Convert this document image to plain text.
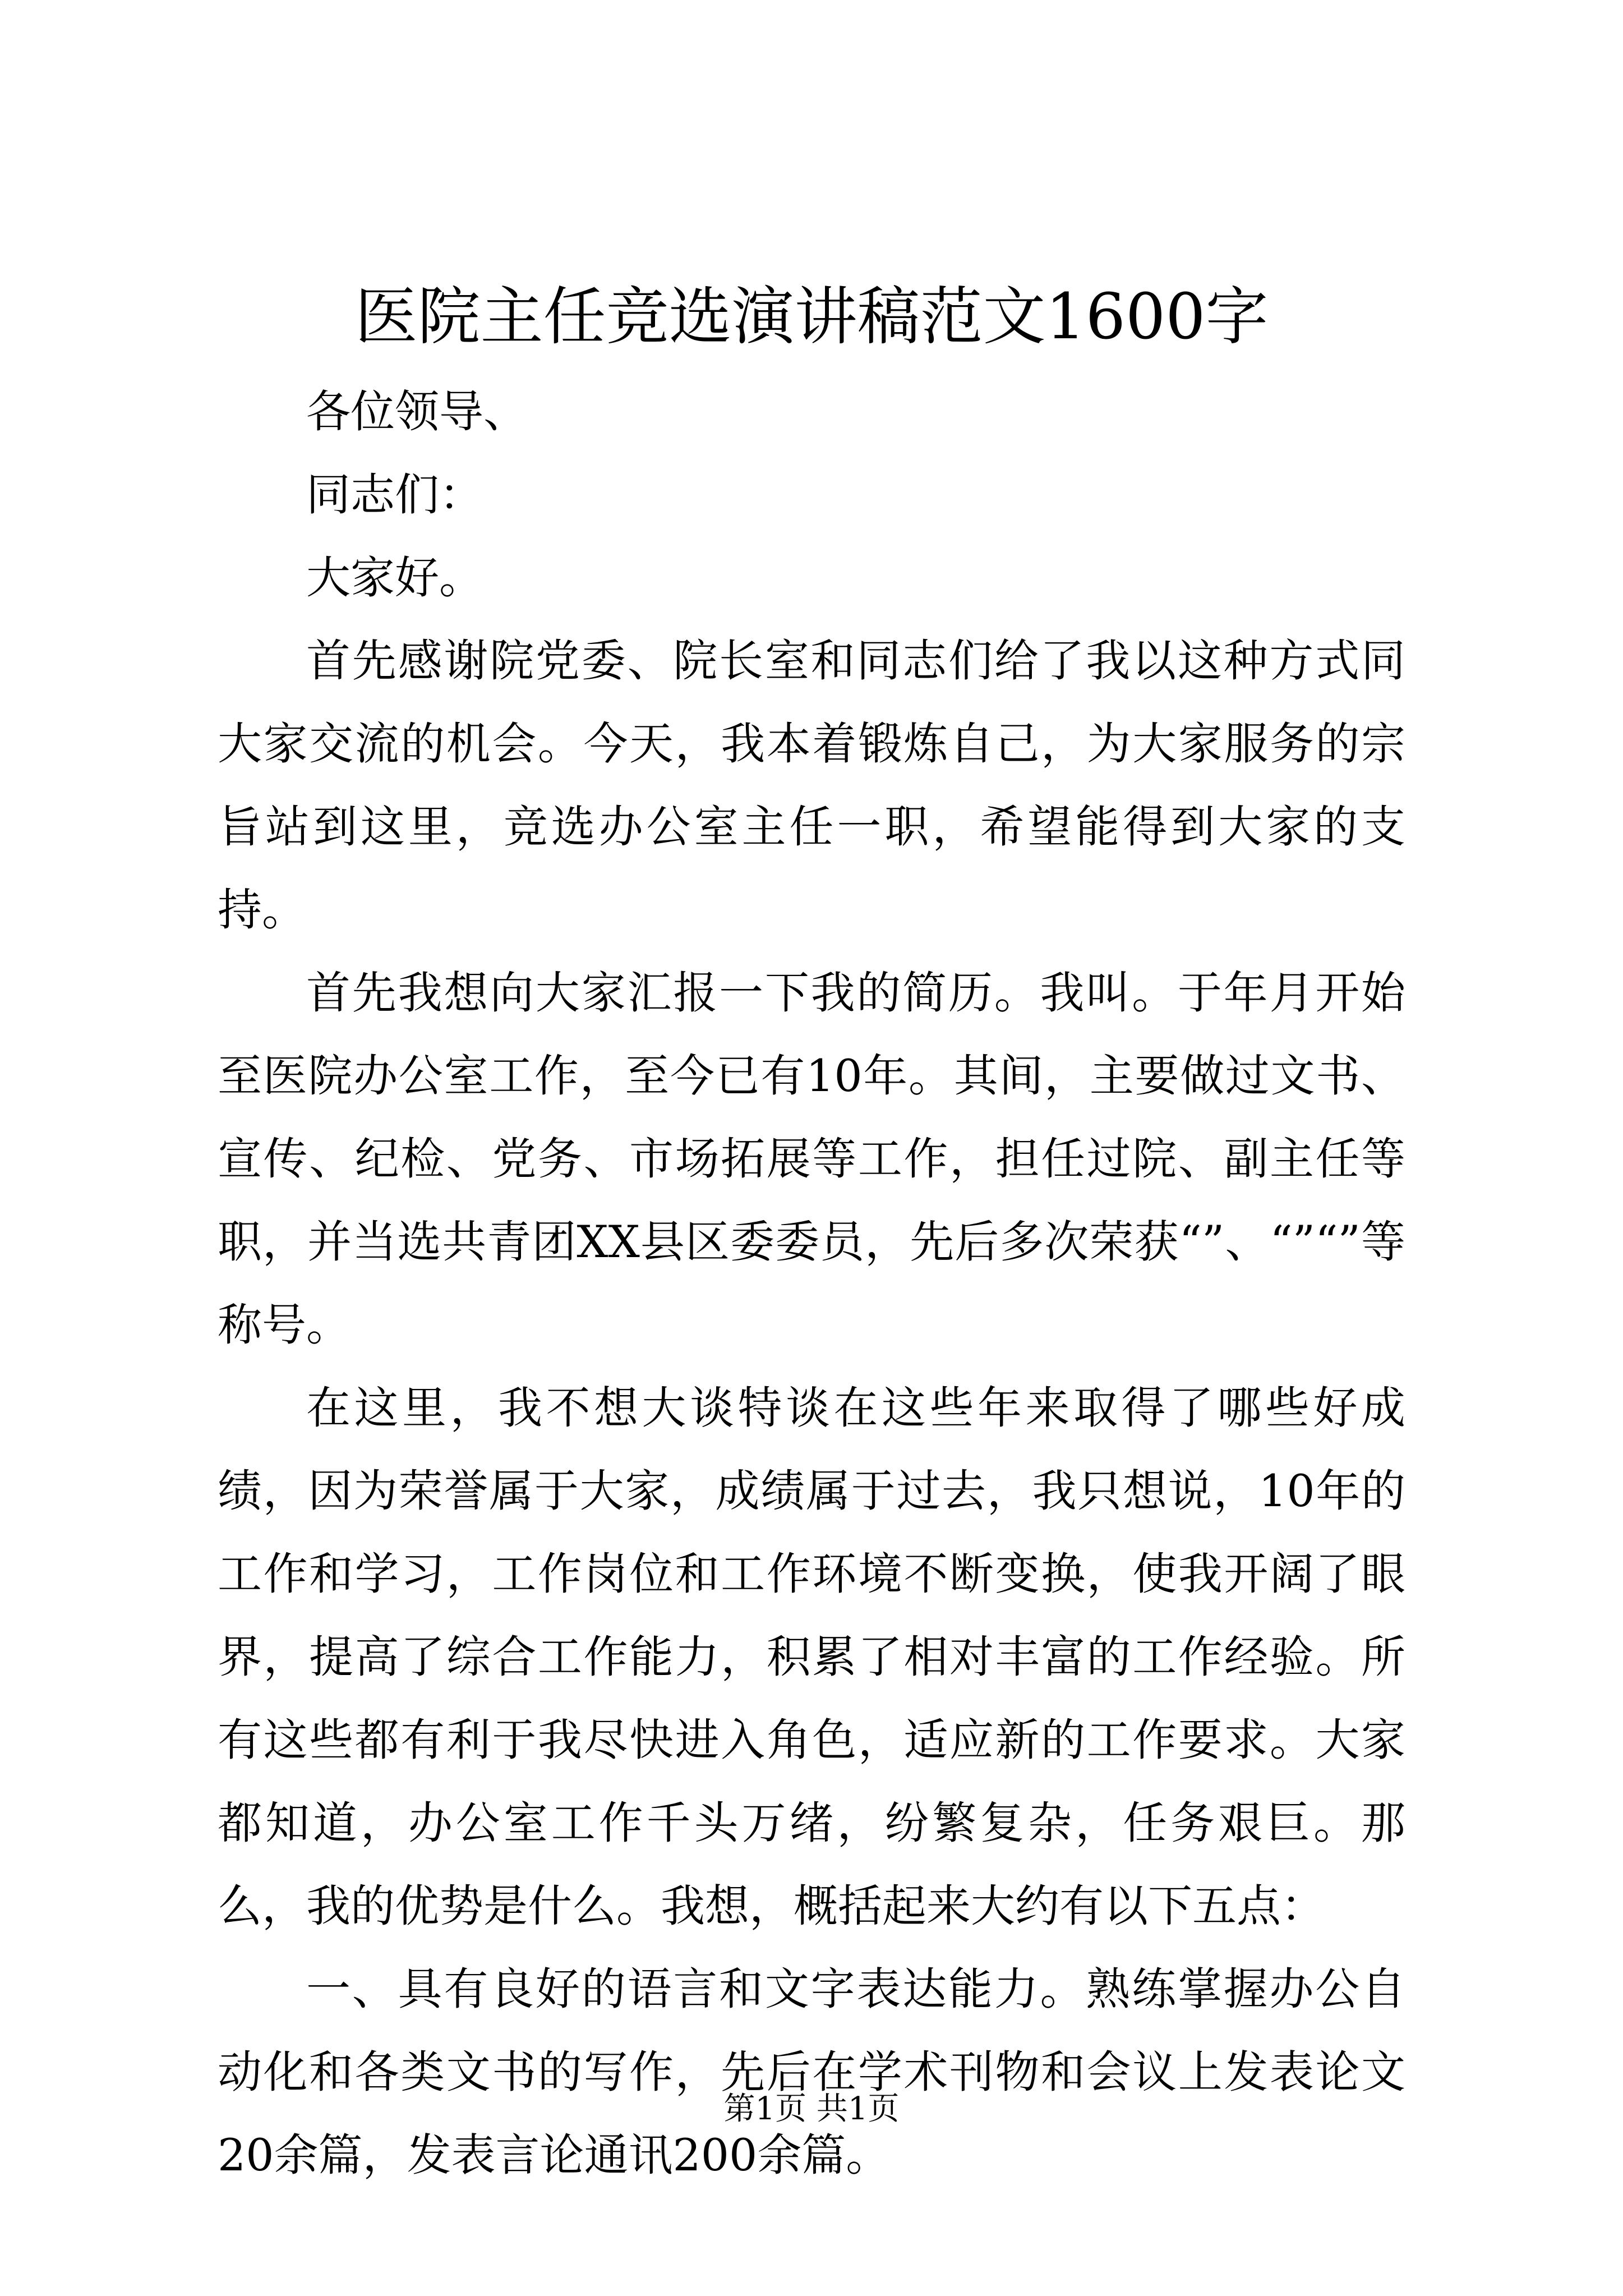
医院主任竞选演讲稿范文1600字

各位领导、

同志们：

大家好。

首先感谢院党委、院长室和同志们给了我以这种方式同大家交流的机会。今天，我本着锻炼自己，为大家服务的宗旨站到这里，竞选办公室主任一职，希望能得到大家的支持。

首先我想向大家汇报一下我的简历。我叫。于年月开始至医院办公室工作，至今已有10年。其间，主要做过文书、宣传、纪检、党务、市场拓展等工作，担任过院、副主任等职，并当选共青团XX县区委委员，先后多次荣获“”、“”“”等称号。

在这里，我不想大谈特谈在这些年来取得了哪些好成绩，因为荣誉属于大家，成绩属于过去，我只想说，10年的工作和学习，工作岗位和工作环境不断变换，使我开阔了眼界，提高了综合工作能力，积累了相对丰富的工作经验。所有这些都有利于我尽快进入角色，适应新的工作要求。大家都知道，办公室工作千头万绪，纷繁复杂，任务艰巨。那么，我的优势是什么。我想，概括起来大约有以下五点：

一、具有良好的语言和文字表达能力。熟练掌握办公自动化和各类文书的写作，先后在学术刊物和会议上发表论文20余篇，发表言论通讯200余篇。

第1页 共1页
